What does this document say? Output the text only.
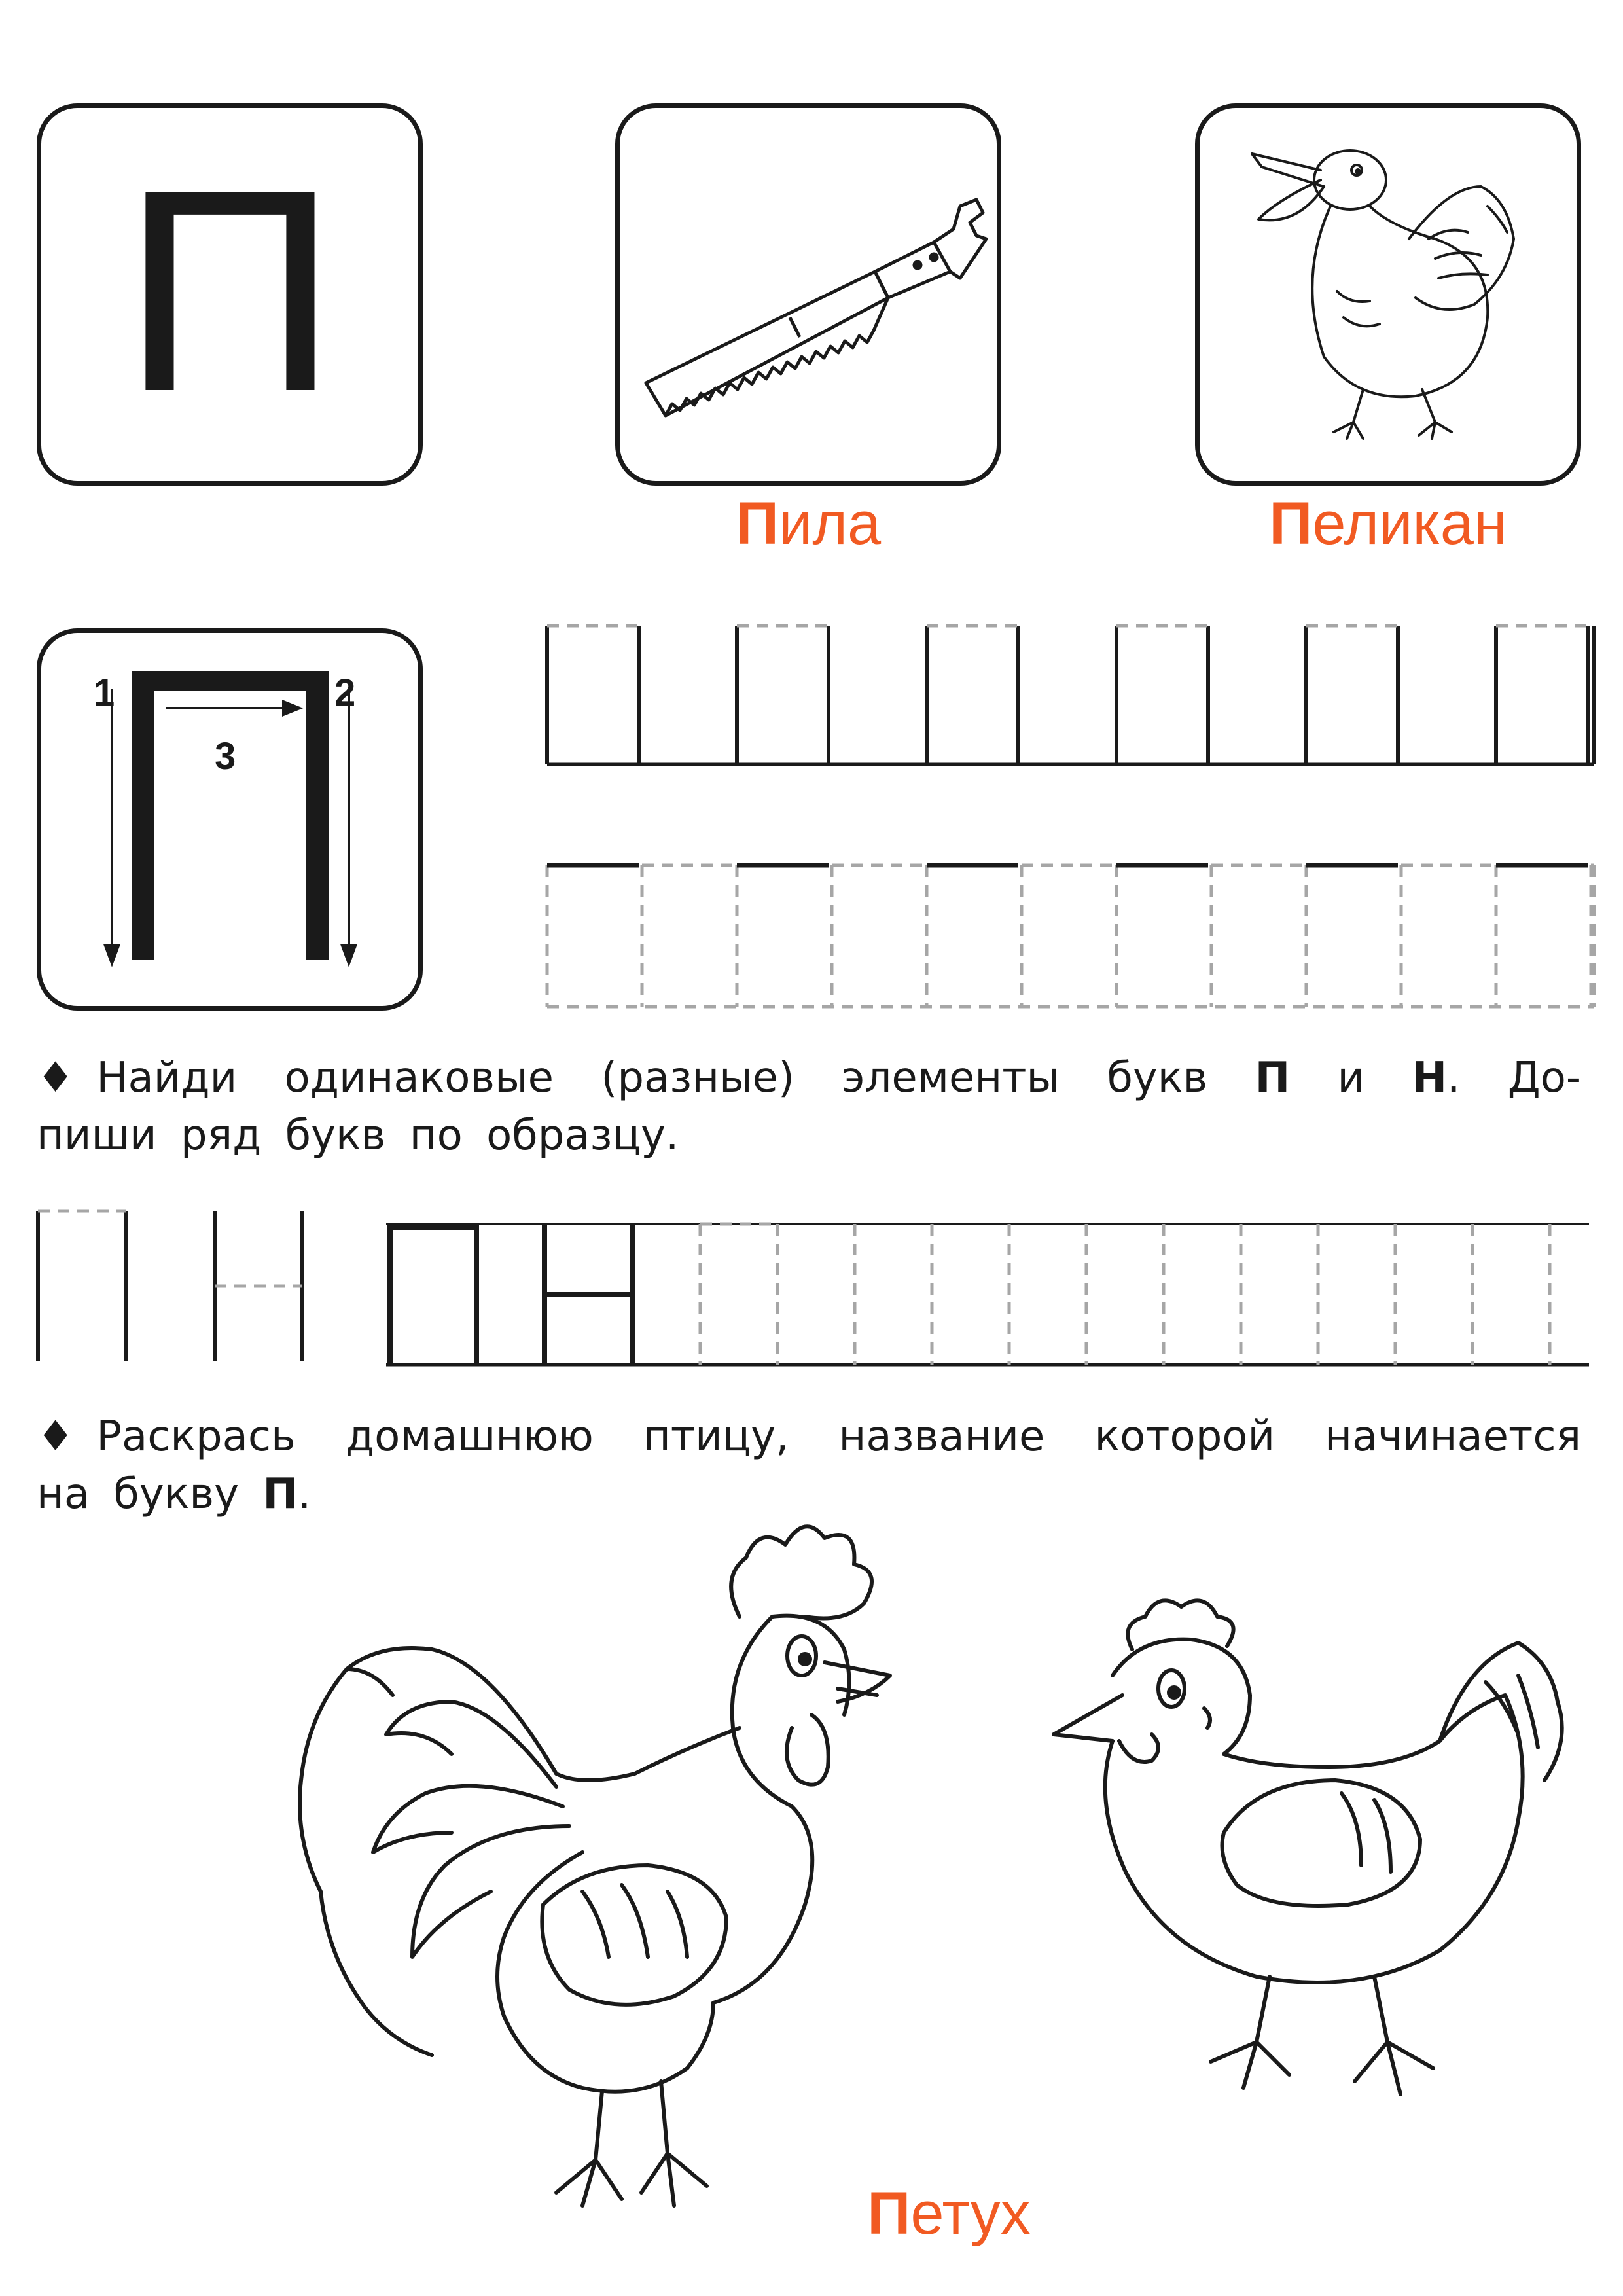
П
Пила	Пеликан
1	2
3
♦ Найди одинаковые (разные) элементы букв П и Н. До-
пиши ряд букв по образцу.
♦ Раскрась домашнюю птицу, название которой начинается
на букву П.
Петух
